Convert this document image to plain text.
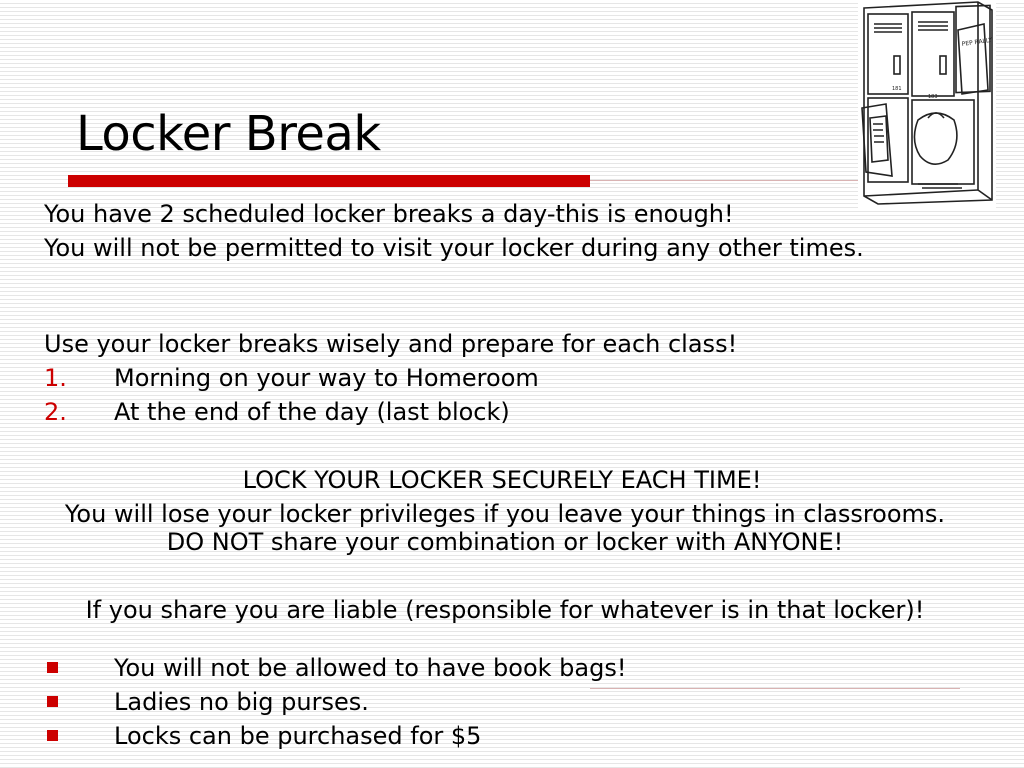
Locker Break
181
183
PEP RALLY

You have 2 scheduled locker breaks a day-this is enough!

You will not be permitted to visit your locker during any other times.

Use your locker breaks wisely and prepare for each class!

1. Morning on your way to Homeroom
2. At the end of the day (last block)

LOCK YOUR LOCKER SECURELY EACH TIME!

You will lose your locker privileges if you leave your things in classrooms. DO NOT share your combination or locker with ANYONE!

If you share you are liable (responsible for whatever is in that locker)!

You will not be allowed to have book bags!
Ladies no big purses.
Locks can be purchased for $5
